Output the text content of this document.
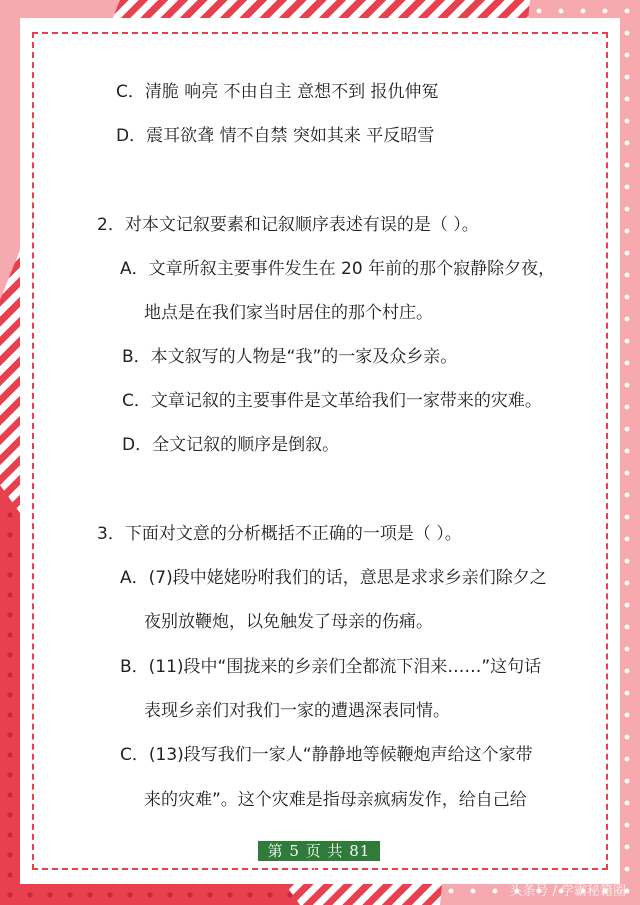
C．清脆 响亮 不由自主 意想不到 报仇伸冤
D．震耳欲聋 情不自禁 突如其来 平反昭雪
2．对本文记叙要素和记叙顺序表述有误的是（ ）。
A．文章所叙主要事件发生在 20 年前的那个寂静除夕夜，
地点是在我们家当时居住的那个村庄。
B．本文叙写的人物是“我”的一家及众乡亲。
C．文章记叙的主要事件是文革给我们一家带来的灾难。
D．全文记叙的顺序是倒叙。
3．下面对文意的分析概括不正确的一项是（ ）。
A．(7)段中姥姥吩咐我们的话，意思是求求乡亲们除夕之
夜别放鞭炮，以免触发了母亲的伤痛。
B．(11)段中“围拢来的乡亲们全都流下泪来……”这句话
表现乡亲们对我们一家的遭遇深表同情。
C．(13)段写我们一家人“静静地等候鞭炮声给这个家带
来的灾难”。这个灾难是指母亲疯病发作，给自己给
第 5 页 共 81 页
头条号 / 学霸秘籍圈
